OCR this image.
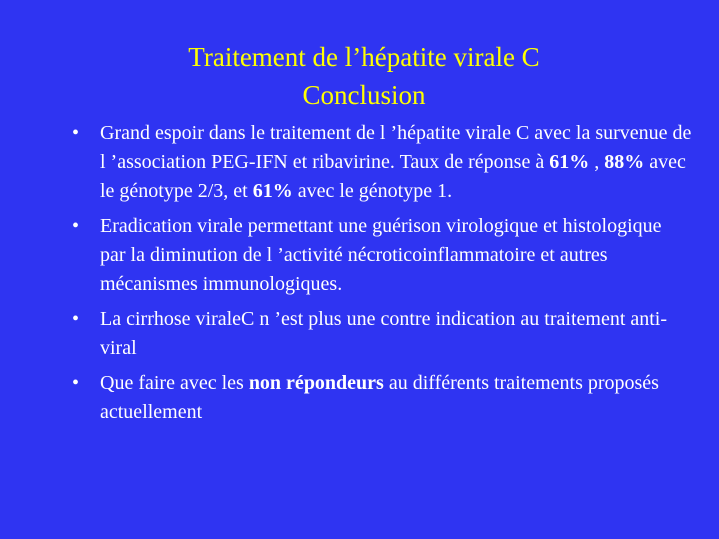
Traitement de l’hépatite virale C
Conclusion
• Grand espoir dans le traitement de l ’hépatite virale C avec la survenue de l ’association PEG-IFN et ribavirine. Taux de réponse à 61% , 88% avec le génotype 2/3, et 61% avec le génotype 1.
• Eradication virale permettant une guérison virologique et histologique par la diminution de l ’activité nécroticoinflammatoire et autres mécanismes immunologiques.
• La cirrhose viraleC n ’est plus une contre indication au traitement anti-viral
• Que faire avec les non répondeurs au différents traitements proposés actuellement
